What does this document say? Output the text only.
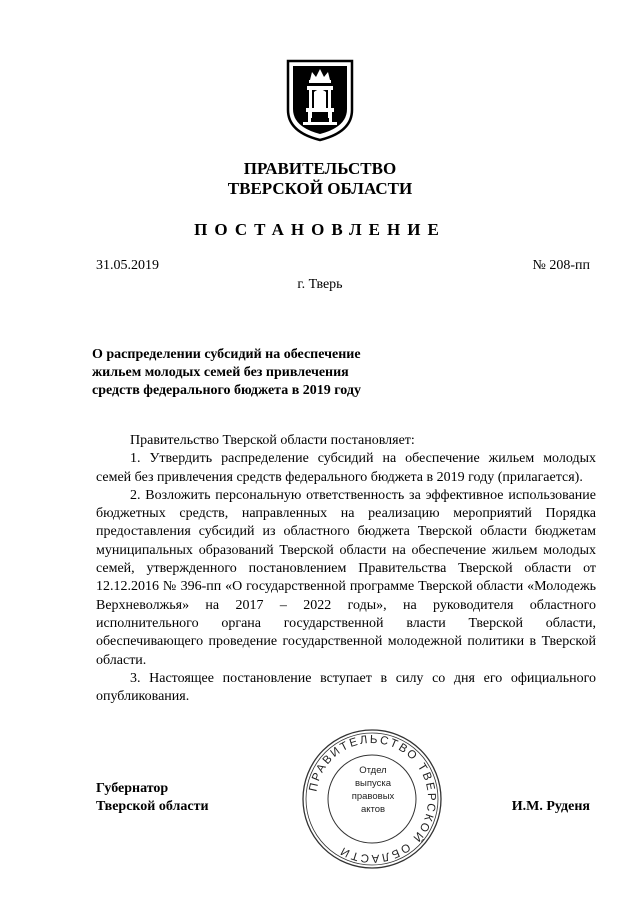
ПРАВИТЕЛЬСТВО
ТВЕРСКОЙ ОБЛАСТИ
ПОСТАНОВЛЕНИЕ
31.05.2019	№ 208-пп
г. Тверь
О распределении субсидий на обеспечение
жильем молодых семей без привлечения
средств федерального бюджета в 2019 году

Правительство Тверской области постановляет:

1. Утвердить распределение субсидий на обеспечение жильем молодых семей без привлечения средств федерального бюджета в 2019 году (прилагается).

2. Возложить персональную ответственность за эффективное использование бюджетных средств, направленных на реализацию мероприятий Порядка предоставления субсидий из областного бюджета Тверской области бюджетам муниципальных образований Тверской области на обеспечение жильем молодых семей, утвержденного постановлением Правительства Тверской области от 12.12.2016 № 396-пп «О государственной программе Тверской области «Молодежь Верхневолжья» на 2017 – 2022 годы», на руководителя областного исполнительного органа государственной власти Тверской области, обеспечивающего проведение государственной молодежной политики в Тверской области.

3. Настоящее постановление вступает в силу со дня его официального опубликования.

Губернатор
Тверской области	И.М. Руденя
ПРАВИТЕЛЬСТВО ТВЕРСКОЙ ОБЛАСТИ
Отдел
выпуска
правовых
актов
